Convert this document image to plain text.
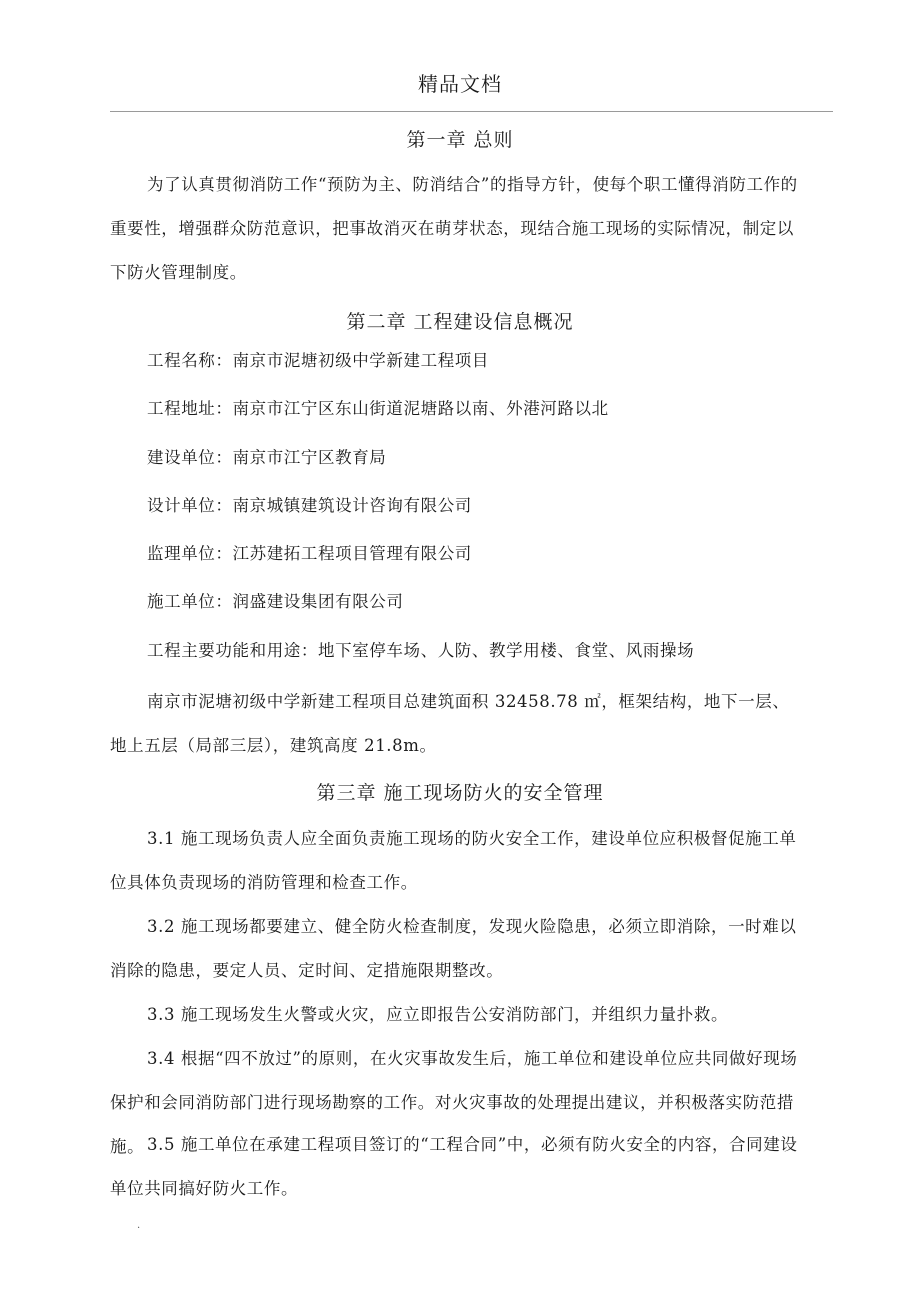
精品文档
第一章 总则

为了认真贯彻消防工作“预防为主、防消结合”的指导方针，使每个职工懂得消防工作的重要性，增强群众防范意识，把事故消灭在萌芽状态，现结合施工现场的实际情况，制定以下防火管理制度。

第二章 工程建设信息概况
工程名称：南京市泥塘初级中学新建工程项目
工程地址：南京市江宁区东山街道泥塘路以南、外港河路以北
建设单位：南京市江宁区教育局
设计单位：南京城镇建筑设计咨询有限公司
监理单位：江苏建拓工程项目管理有限公司
施工单位：润盛建设集团有限公司
工程主要功能和用途：地下室停车场、人防、教学用楼、食堂、风雨操场

南京市泥塘初级中学新建工程项目总建筑面积 32458.78 ㎡，框架结构，地下一层、地上五层（局部三层），建筑高度 21.8m。

第三章 施工现场防火的安全管理

3.1 施工现场负责人应全面负责施工现场的防火安全工作，建设单位应积极督促施工单位具体负责现场的消防管理和检查工作。

3.2 施工现场都要建立、健全防火检查制度，发现火险隐患，必须立即消除，一时难以消除的隐患，要定人员、定时间、定措施限期整改。

3.3 施工现场发生火警或火灾，应立即报告公安消防部门，并组织力量扑救。

3.4 根据“四不放过”的原则，在火灾事故发生后，施工单位和建设单位应共同做好现场保护和会同消防部门进行现场勘察的工作。对火灾事故的处理提出建议，并积极落实防范措施。 3.5 施工单位在承建工程项目签订的“工程合同”中，必须有防火安全的内容，合同建设单位共同搞好防火工作。

.
